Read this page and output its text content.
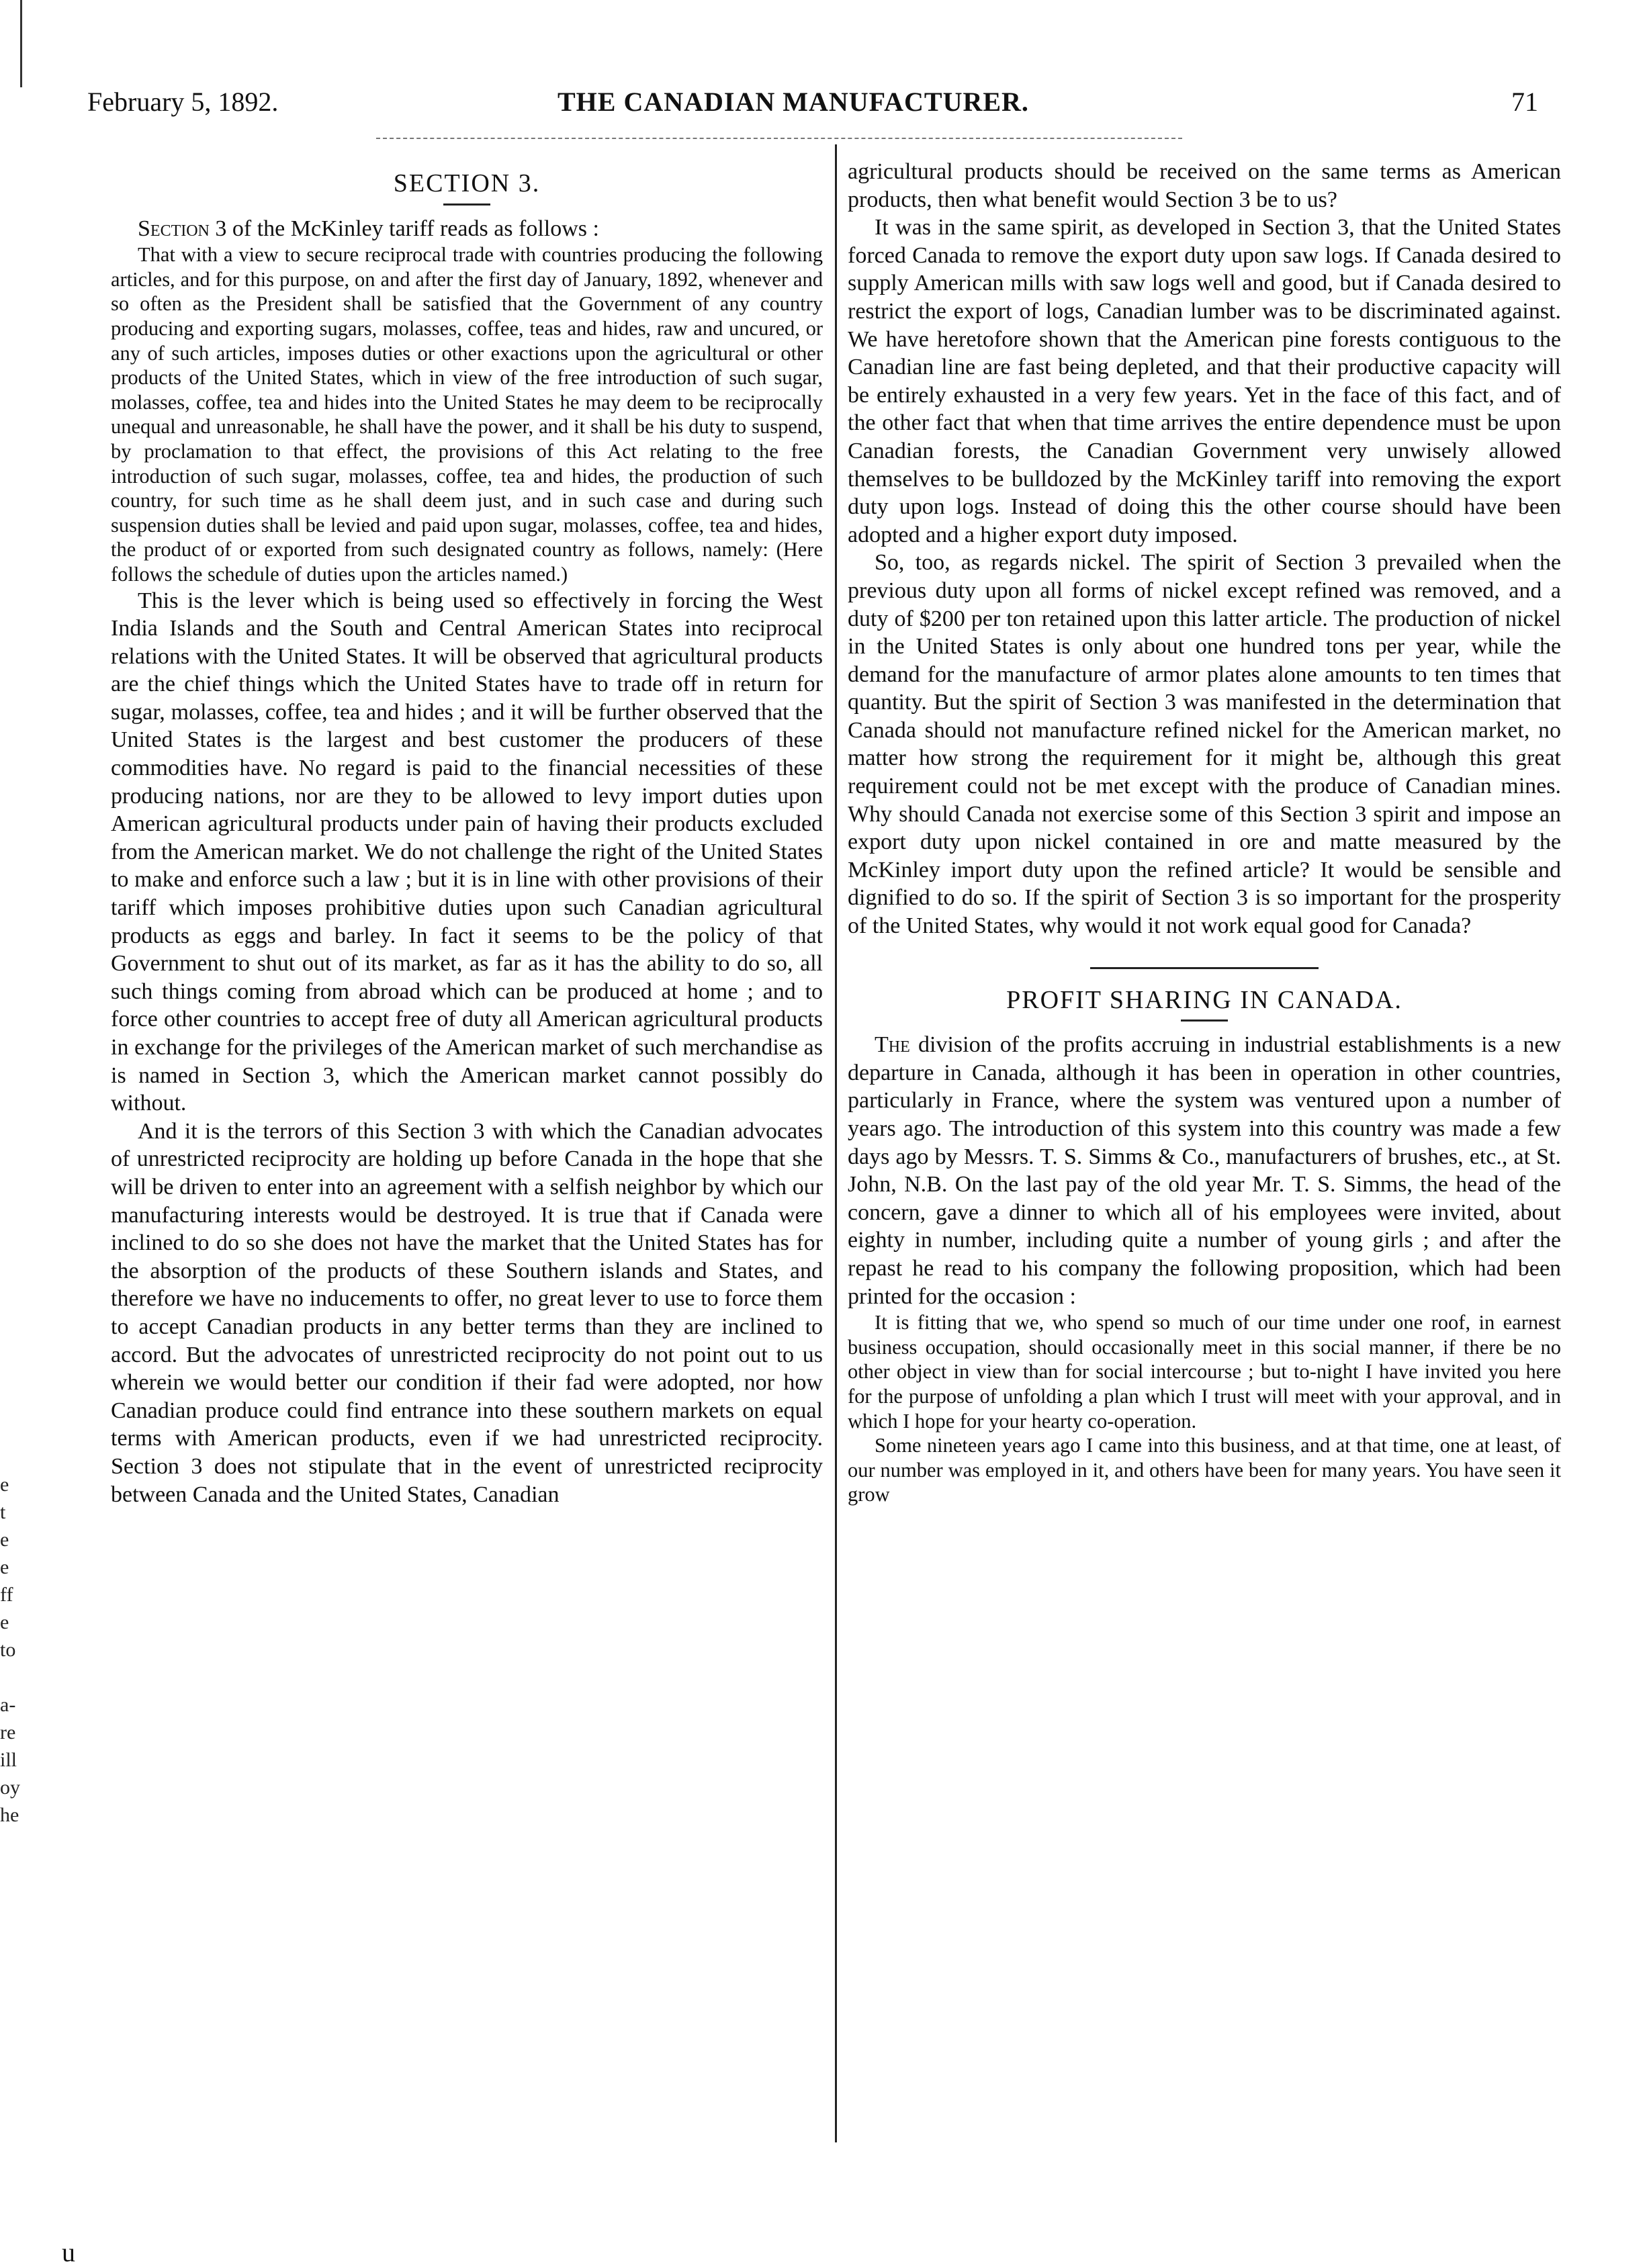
February 5, 1892.	THE CANADIAN MANUFACTURER.	71
SECTION 3.

Section 3 of the McKinley tariff reads as follows :

That with a view to secure reciprocal trade with countries producing the following articles, and for this purpose, on and after the first day of January, 1892, whenever and so often as the President shall be satisfied that the Government of any country producing and exporting sugars, molasses, coffee, teas and hides, raw and uncured, or any of such articles, imposes duties or other exactions upon the agricultural or other products of the United States, which in view of the free introduction of such sugar, molasses, coffee, tea and hides into the United States he may deem to be reciprocally unequal and unreasonable, he shall have the power, and it shall be his duty to suspend, by proclamation to that effect, the provisions of this Act relating to the free introduction of such sugar, molasses, coffee, tea and hides, the production of such country, for such time as he shall deem just, and in such case and during such suspension duties shall be levied and paid upon sugar, molasses, coffee, tea and hides, the product of or exported from such designated country as follows, namely: (Here follows the schedule of duties upon the articles named.)

This is the lever which is being used so effectively in forcing the West India Islands and the South and Central American States into reciprocal relations with the United States. It will be observed that agricultural products are the chief things which the United States have to trade off in return for sugar, molasses, coffee, tea and hides ; and it will be further observed that the United States is the largest and best customer the producers of these commodities have. No regard is paid to the financial necessities of these producing nations, nor are they to be allowed to levy import duties upon American agricultural products under pain of having their products excluded from the American market. We do not challenge the right of the United States to make and enforce such a law ; but it is in line with other provisions of their tariff which imposes prohibitive duties upon such Canadian agricultural products as eggs and barley. In fact it seems to be the policy of that Government to shut out of its market, as far as it has the ability to do so, all such things coming from abroad which can be produced at home ; and to force other countries to accept free of duty all American agricultural products in exchange for the privileges of the American market of such merchandise as is named in Section 3, which the American market cannot possibly do without.

And it is the terrors of this Section 3 with which the Canadian advocates of unrestricted reciprocity are holding up before Canada in the hope that she will be driven to enter into an agreement with a selfish neighbor by which our manufacturing interests would be destroyed. It is true that if Canada were inclined to do so she does not have the market that the United States has for the absorption of the products of these Southern islands and States, and therefore we have no inducements to offer, no great lever to use to force them to accept Canadian products in any better terms than they are inclined to accord. But the advocates of unrestricted reciprocity do not point out to us wherein we would better our condition if their fad were adopted, nor how Canadian produce could find entrance into these southern markets on equal terms with American products, even if we had unrestricted reciprocity. Section 3 does not stipulate that in the event of unrestricted reciprocity between Canada and the United States, Canadian

agricultural products should be received on the same terms as American products, then what benefit would Section 3 be to us?

It was in the same spirit, as developed in Section 3, that the United States forced Canada to remove the export duty upon saw logs. If Canada desired to supply American mills with saw logs well and good, but if Canada desired to restrict the export of logs, Canadian lumber was to be discriminated against. We have heretofore shown that the American pine forests contiguous to the Canadian line are fast being depleted, and that their productive capacity will be entirely exhausted in a very few years. Yet in the face of this fact, and of the other fact that when that time arrives the entire dependence must be upon Canadian forests, the Canadian Government very unwisely allowed themselves to be bulldozed by the McKinley tariff into removing the export duty upon logs. Instead of doing this the other course should have been adopted and a higher export duty imposed.

So, too, as regards nickel. The spirit of Section 3 prevailed when the previous duty upon all forms of nickel except refined was removed, and a duty of $200 per ton retained upon this latter article. The production of nickel in the United States is only about one hundred tons per year, while the demand for the manufacture of armor plates alone amounts to ten times that quantity. But the spirit of Section 3 was manifested in the determination that Canada should not manufacture refined nickel for the American market, no matter how strong the requirement for it might be, although this great requirement could not be met except with the produce of Canadian mines. Why should Canada not exercise some of this Section 3 spirit and impose an export duty upon nickel contained in ore and matte measured by the McKinley import duty upon the refined article? It would be sensible and dignified to do so. If the spirit of Section 3 is so important for the prosperity of the United States, why would it not work equal good for Canada?

PROFIT SHARING IN CANADA.

The division of the profits accruing in industrial establishments is a new departure in Canada, although it has been in operation in other countries, particularly in France, where the system was ventured upon a number of years ago. The introduction of this system into this country was made a few days ago by Messrs. T. S. Simms & Co., manufacturers of brushes, etc., at St. John, N.B. On the last pay of the old year Mr. T. S. Simms, the head of the concern, gave a dinner to which all of his employees were invited, about eighty in number, including quite a number of young girls ; and after the repast he read to his company the following proposition, which had been printed for the occasion :

It is fitting that we, who spend so much of our time under one roof, in earnest business occupation, should occasionally meet in this social manner, if there be no other object in view than for social intercourse ; but to-night I have invited you here for the purpose of unfolding a plan which I trust will meet with your approval, and in which I hope for your hearty co-operation.

Some nineteen years ago I came into this business, and at that time, one at least, of our number was employed in it, and others have been for many years. You have seen it grow

e
t
e
e
ff
e
to

a-
re
ill
oy
he
u
